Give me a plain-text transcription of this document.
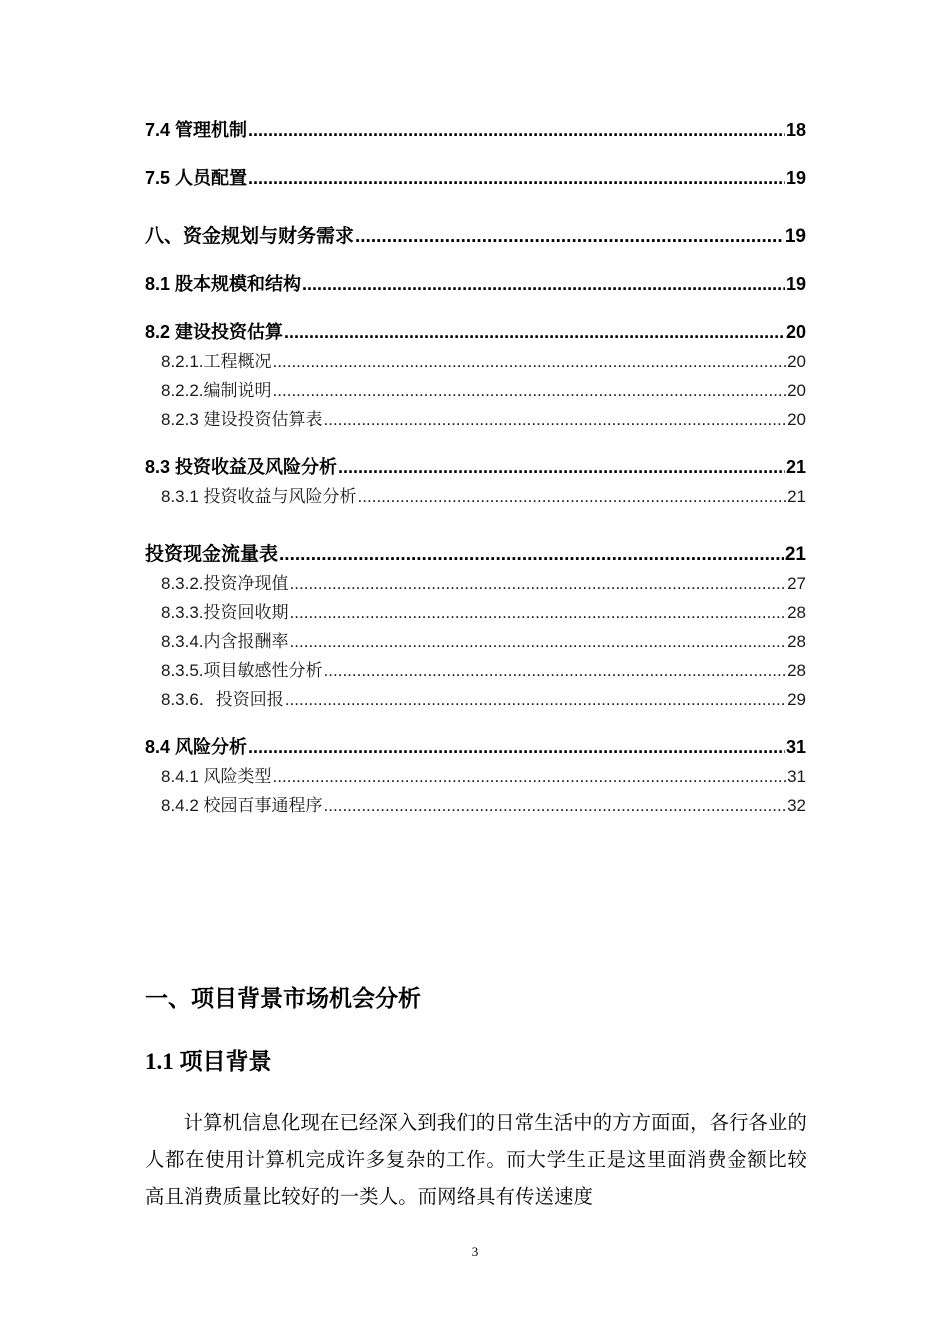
7.4 管理机制 .....	18
7.5 人员配置 .....	19
八、资金规划与财务需求 .....	19
8.1 股本规模和结构 .....	19
8.2 建设投资估算 .....	20
8.2.1.工程概况 .....	20
8.2.2.编制说明 .....	20
8.2.3 建设投资估算表 .....	20
8.3 投资收益及风险分析 .....	21
8.3.1 投资收益与风险分析 .....	21
投资现金流量表 .....	21
8.3.2.投资净现值 .....	27
8.3.3.投资回收期 .....	28
8.3.4.内含报酬率 .....	28
8.3.5.项目敏感性分析 .....	28
8.3.6．投资回报 .....	29
8.4 风险分析 .....	31
8.4.1 风险类型 .....	31
8.4.2 校园百事通程序 .....	32
一、项目背景市场机会分析
1.1 项目背景

计算机信息化现在已经深入到我们的日常生活中的方方面面，各行各业的人都在使用计算机完成许多复杂的工作。而大学生正是这里面消费金额比较高且消费质量比较好的一类人。而网络具有传送速度

3
